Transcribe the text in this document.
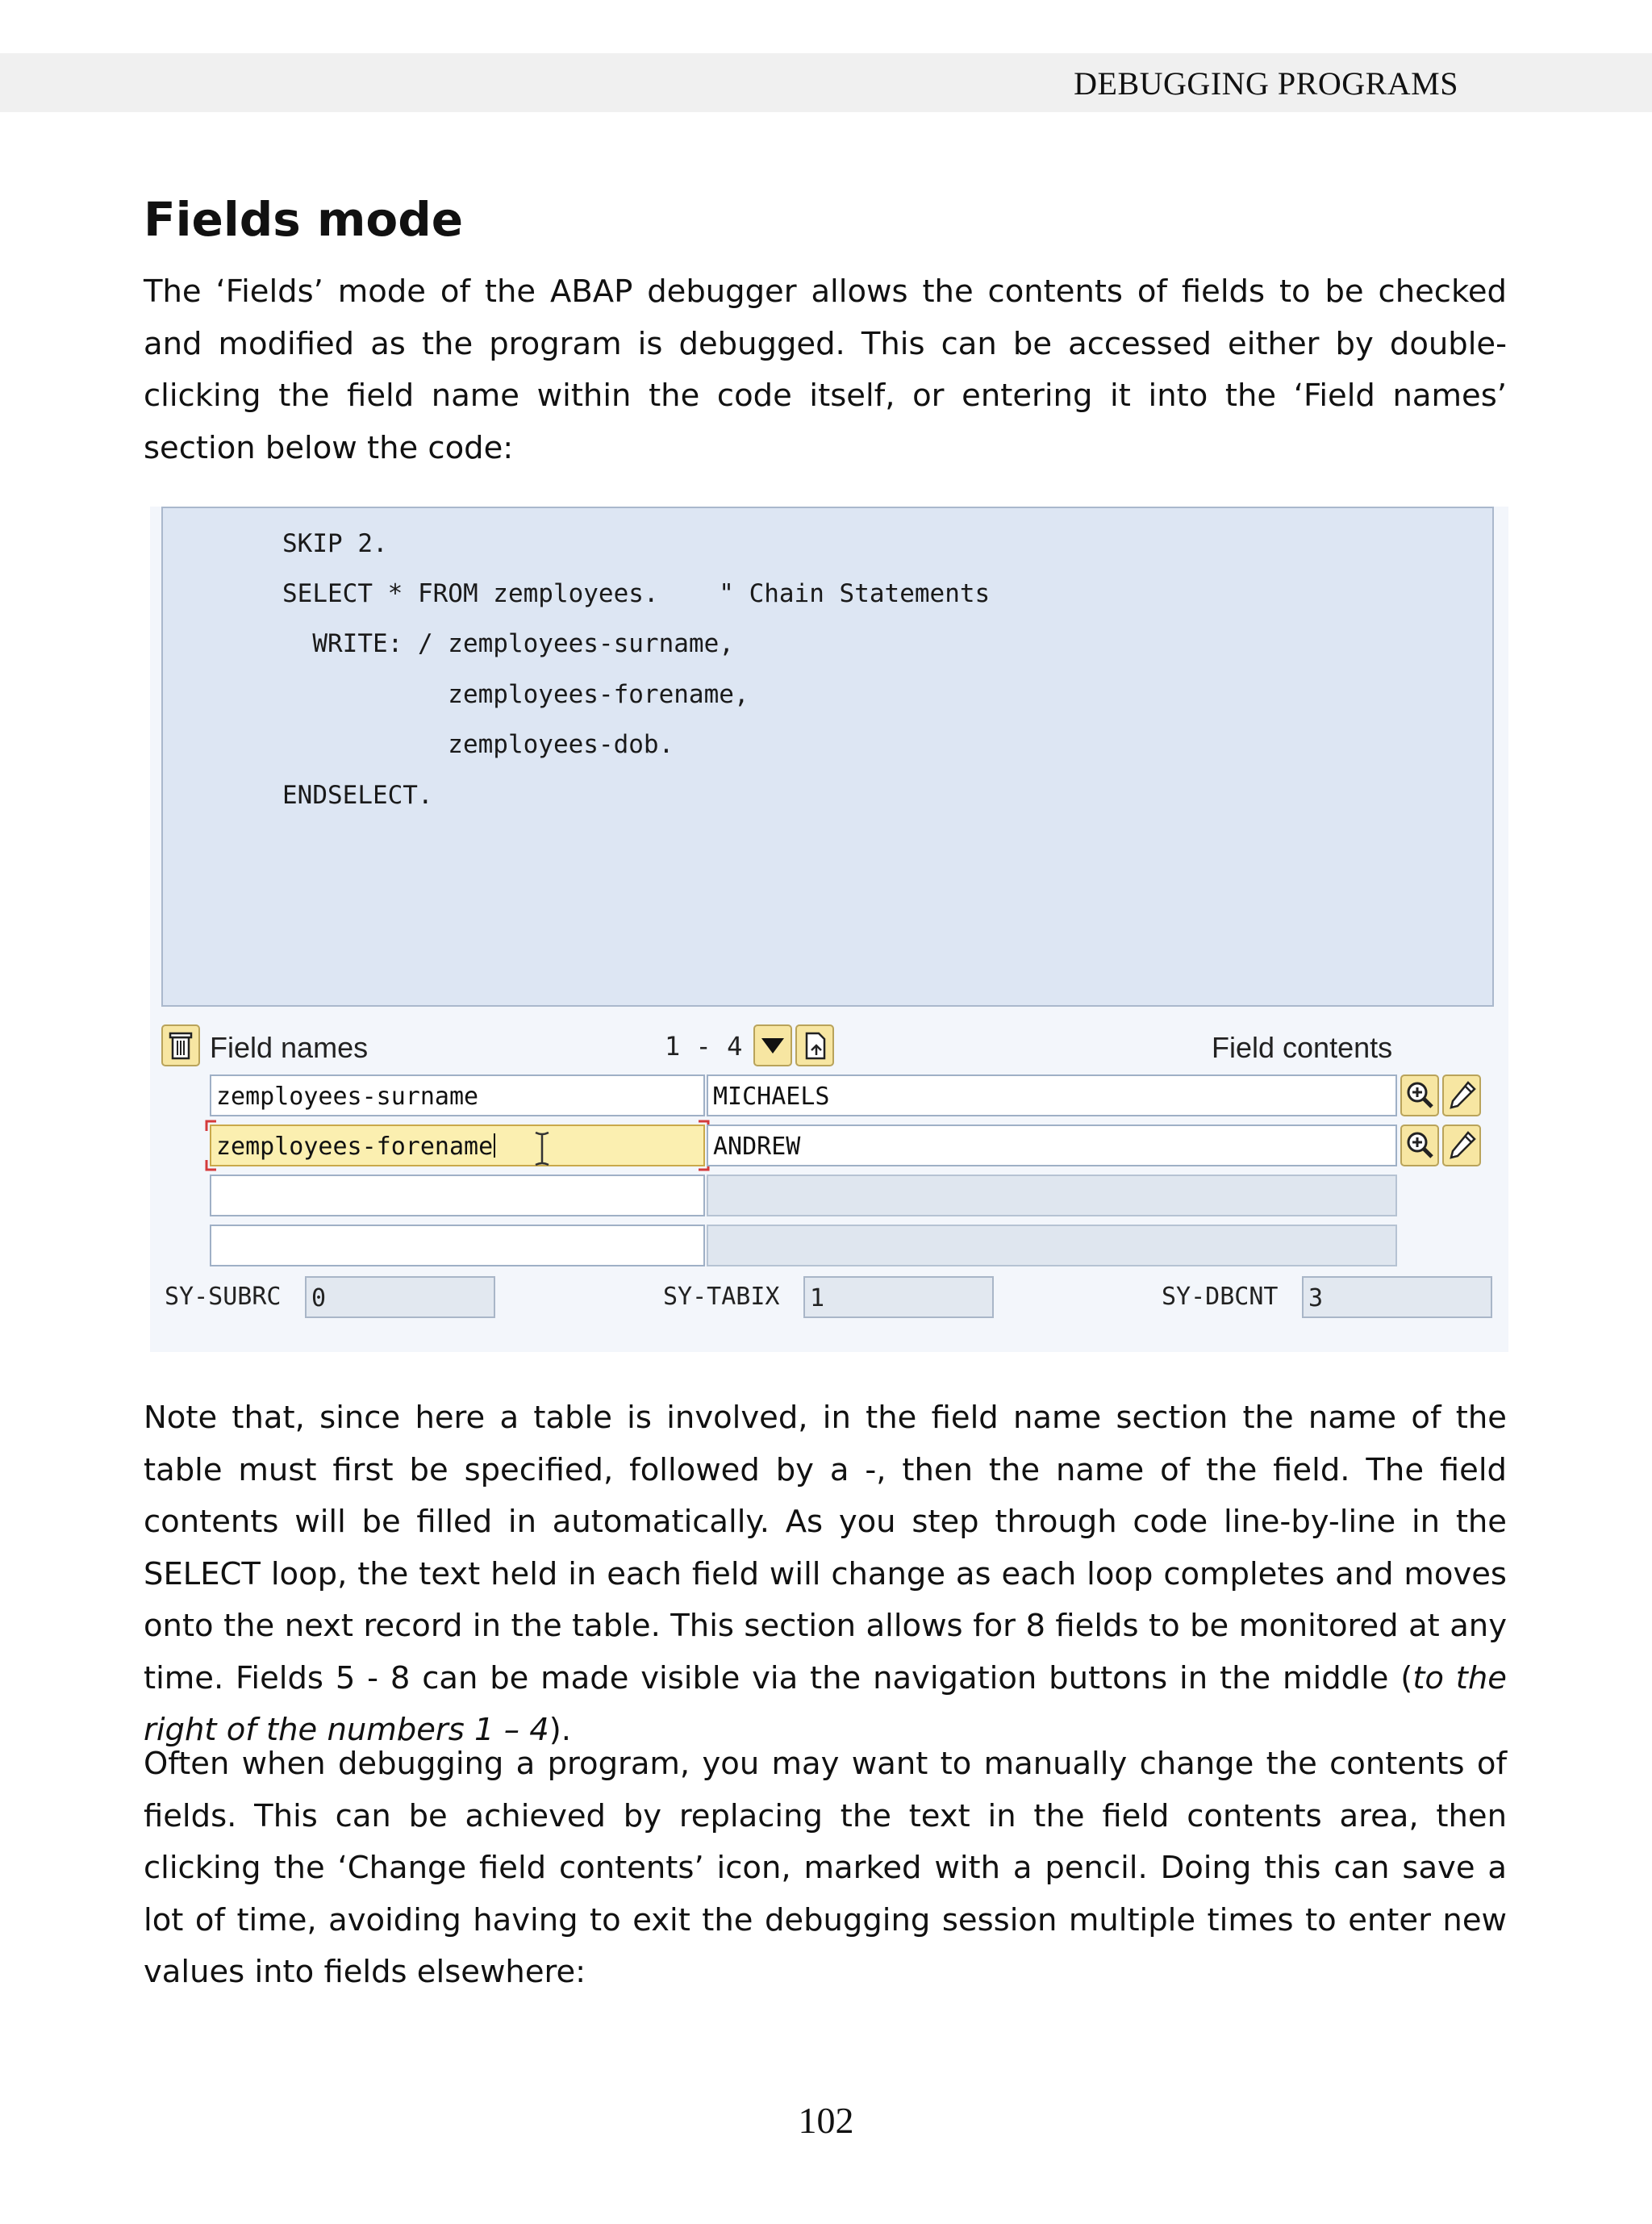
DEBUGGING PROGRAMS
Fields mode

The ‘Fields’ mode of the ABAP debugger allows the contents of fields to be checked and modified as the program is debugged. This can be accessed either by double-clicking the field name within the code itself, or entering it into the ‘Field names’ section below the code:

SKIP 2.
SELECT * FROM zemployees.    " Chain Statements
WRITE: / zemployees-surname,
zemployees-forename,
zemployees-dob.
ENDSELECT.
Field names	1 - 4	Field contents
zemployees-surname	MICHAELS
zemployees-forename	ANDREW
SY-SUBRC 0	SY-TABIX 1	SY-DBCNT 3

Note that, since here a table is involved, in the field name section the name of the table must first be specified, followed by a -, then the name of the field. The field contents will be filled in automatically. As you step through code line-by-line in the SELECT loop, the text held in each field will change as each loop completes and moves onto the next record in the table. This section allows for 8 fields to be monitored at any time. Fields 5 - 8 can be made visible via the navigation buttons in the middle (to the right of the numbers 1 – 4).

Often when debugging a program, you may want to manually change the contents of fields. This can be achieved by replacing the text in the field contents area, then clicking the ‘Change field contents’ icon, marked with a pencil. Doing this can save a lot of time, avoiding having to exit the debugging session multiple times to enter new values into fields elsewhere:

102
